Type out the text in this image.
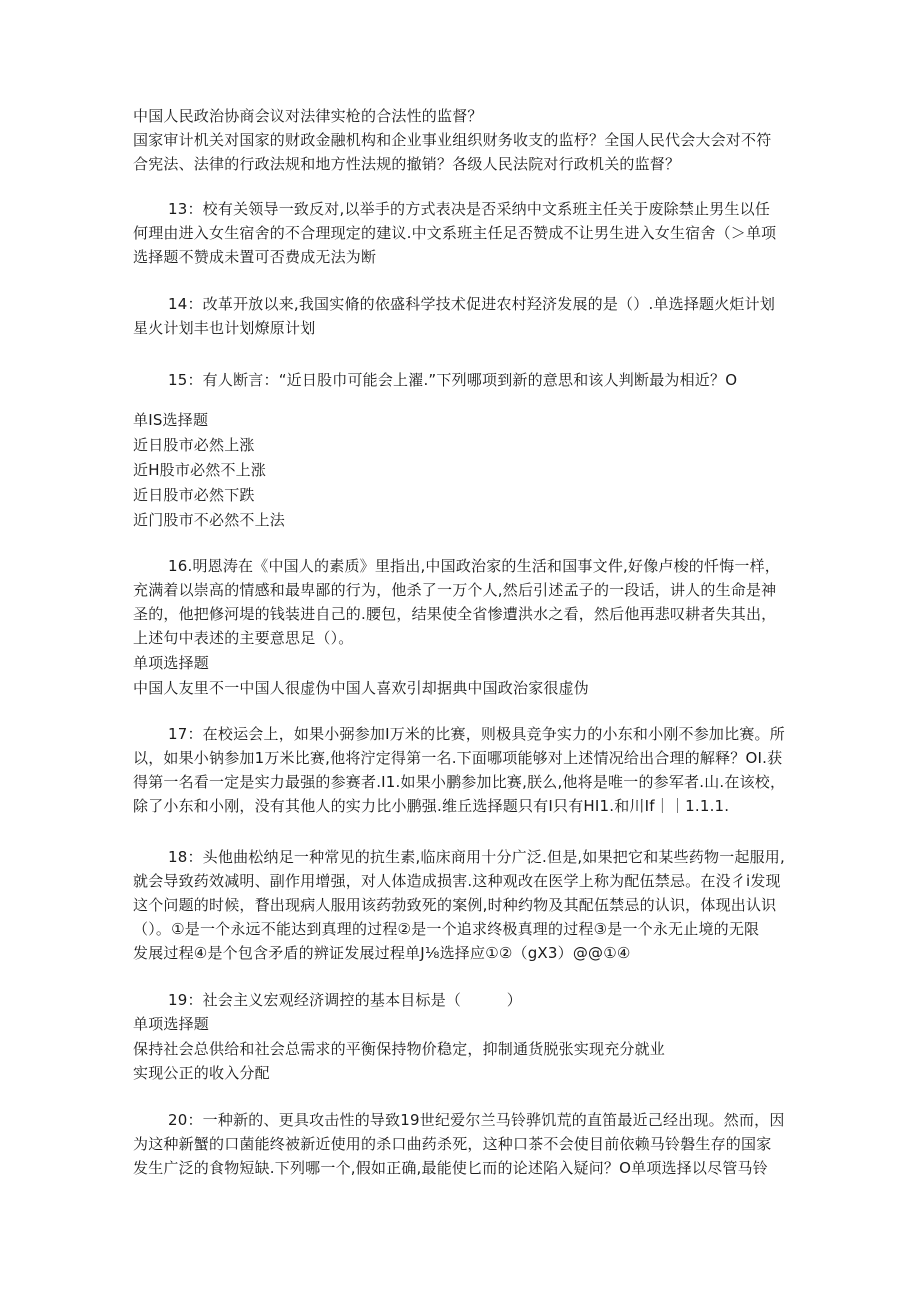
中国人民政治协商会议对法律实枪的合法性的监督？
国家审计机关对国家的财政金融机构和企业事业组织财务收支的监杼？全国人民代会大会对不符
合宪法、法律的行政法规和地方性法规的撤销？各级人民法院对行政机关的监督？
13：校有关领导一致反对,以举手的方式表决是否采纳中文系班主任关于废除禁止男生以任
何理由进入女生宿舍的不合理现定的建议.中文系班主任足否赞成不让男生进入女生宿舍（＞单项
选择题不赞成未置可否费成无法为断
14：改革开放以来,我国实脩的依盛科学技术促进农村羟济发展的是（）.单选择题火炬计划
星火计划丰也计划燎原计划
15：有人断言：“近日股巾可能会上濯.”下列哪项到新的意思和该人判断最为相近？O
单IS选择题
近日股市必然上涨
近H股市必然不上涨
近日股市必然下跌
近门股市不必然不上法
16.明恩涛在《中国人的素质》里指出,中国政治家的生活和国事文件,好像卢梭的忏悔一样，
充满着以崇高的情感和最卑鄙的行为，他杀了一万个人,然后引述孟子的一段话，讲人的生命是神
圣的，他把修河堤的钱装进自己的.腰包，结果使全省惨遭洪水之看，然后他再悲叹耕者失其出，
上述句中表述的主要意思足（）。
单项选择题
中国人友里不一中国人很虚伪中国人喜欢引却据典中国政治家很虚伪
17：在校运会上，如果小弼参加I万米的比赛，则极具竞争实力的小东和小刚不参加比赛。所
以，如果小钠参加1万米比赛,他将泞定得第一名.下面哪项能够对上述情况给出合理的解释？OI.获
得第一名看一定是实力最强的参赛者.I1.如果小鹏参加比赛,朕么,他将是唯一的参军者.山.在该校，
除了小东和小刚，没有其他人的实力比小鹏强.维丘选择题只有I只有HI1.和川If｜｜1.1.1.
18：头他曲松纳足一种常见的抗生素,临床商用十分广泛.但是,如果把它和某些药物一起服用,
就会导致药效减明、副作用增强，对人体造成损害.这种观改在医学上称为配伍禁忌。在没彳i发现
这个问题的时候，瞀出现病人服用该药勃致死的案例,时种约物及其配伍禁忌的认识，体现出认识
（）。①是一个永远不能达到真理的过程②是一个追求终极真理的过程③是一个永无止境的无限
发展过程④是个包含矛盾的辨证发展过程单J⅛选择应①②（gX3）@@①④
19：社会主义宏观经济调控的基本目标是（　　　）
单项选择题
保持社会总供给和社会总需求的平衡保持物价稳定，抑制通货脱张实现充分就业
实现公正的收入分配
20：一种新的、更具攻击性的导致19世纪爱尔兰马铃骅饥荒的直笛最近己经出现。然而，因
为这种新蟹的口菌能终被新近使用的杀口曲药杀死，这种口茶不会使目前依赖马铃磐生存的国家
发生广泛的食物短缺.下列哪一个,假如正确,最能使匕而的论述陷入疑问？O单项选择以尽管马铃
